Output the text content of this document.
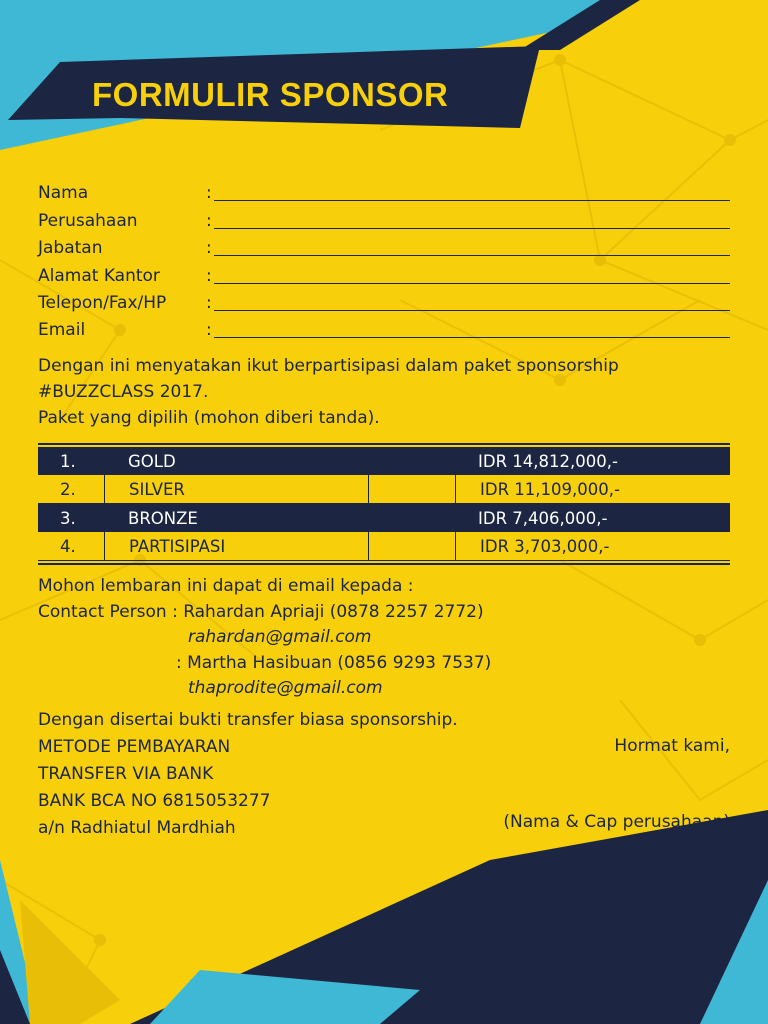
FORMULIR SPONSOR
Nama	:
Perusahaan	:
Jabatan	:
Alamat Kantor	:
Telepon/Fax/HP	:
Email	:
Dengan ini menyatakan ikut berpartisipasi dalam paket sponsorship
#BUZZCLASS 2017.
Paket yang dipilih (mohon diberi tanda).
1.	GOLD	IDR 14,812,000,-
2.	SILVER	IDR 11,109,000,-
3.	BRONZE	IDR 7,406,000,-
4.	PARTISIPASI	IDR 3,703,000,-
Mohon lembaran ini dapat di email kepada :
Contact Person : Rahardan Apriaji (0878 2257 2772)
rahardan@gmail.com
: Martha Hasibuan (0856 9293 7537)
thaprodite@gmail.com
Dengan disertai bukti transfer biasa sponsorship.
METODE PEMBAYARAN
TRANSFER VIA BANK
BANK BCA NO 6815053277
a/n Radhiatul Mardhiah
Hormat kami,
(Nama & Cap perusahaan)
